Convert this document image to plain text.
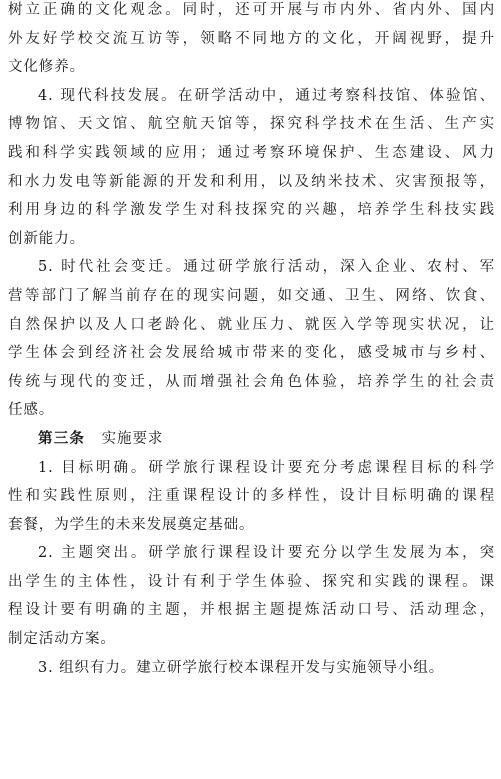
树立正确的文化观念。同时，还可开展与市内外、省内外、国内
外友好学校交流互访等，领略不同地方的文化，开阔视野，提升
文化修养。
4. 现代科技发展。在研学活动中，通过考察科技馆、体验馆、
博物馆、天文馆、航空航天馆等，探究科学技术在生活、生产实
践和科学实践领域的应用；通过考察环境保护、生态建设、风力
和水力发电等新能源的开发和利用，以及纳米技术、灾害预报等，
利用身边的科学激发学生对科技探究的兴趣，培养学生科技实践
创新能力。
5. 时代社会变迁。通过研学旅行活动，深入企业、农村、军
营等部门了解当前存在的现实问题，如交通、卫生、网络、饮食、
自然保护以及人口老龄化、就业压力、就医入学等现实状况，让
学生体会到经济社会发展给城市带来的变化，感受城市与乡村、
传统与现代的变迁，从而增强社会角色体验，培养学生的社会责
任感。
第三条 实施要求
1. 目标明确。研学旅行课程设计要充分考虑课程目标的科学
性和实践性原则，注重课程设计的多样性，设计目标明确的课程
套餐，为学生的未来发展奠定基础。
2. 主题突出。研学旅行课程设计要充分以学生发展为本，突
出学生的主体性，设计有利于学生体验、探究和实践的课程。课
程设计要有明确的主题，并根据主题提炼活动口号、活动理念，
制定活动方案。
3. 组织有力。建立研学旅行校本课程开发与实施领导小组。
